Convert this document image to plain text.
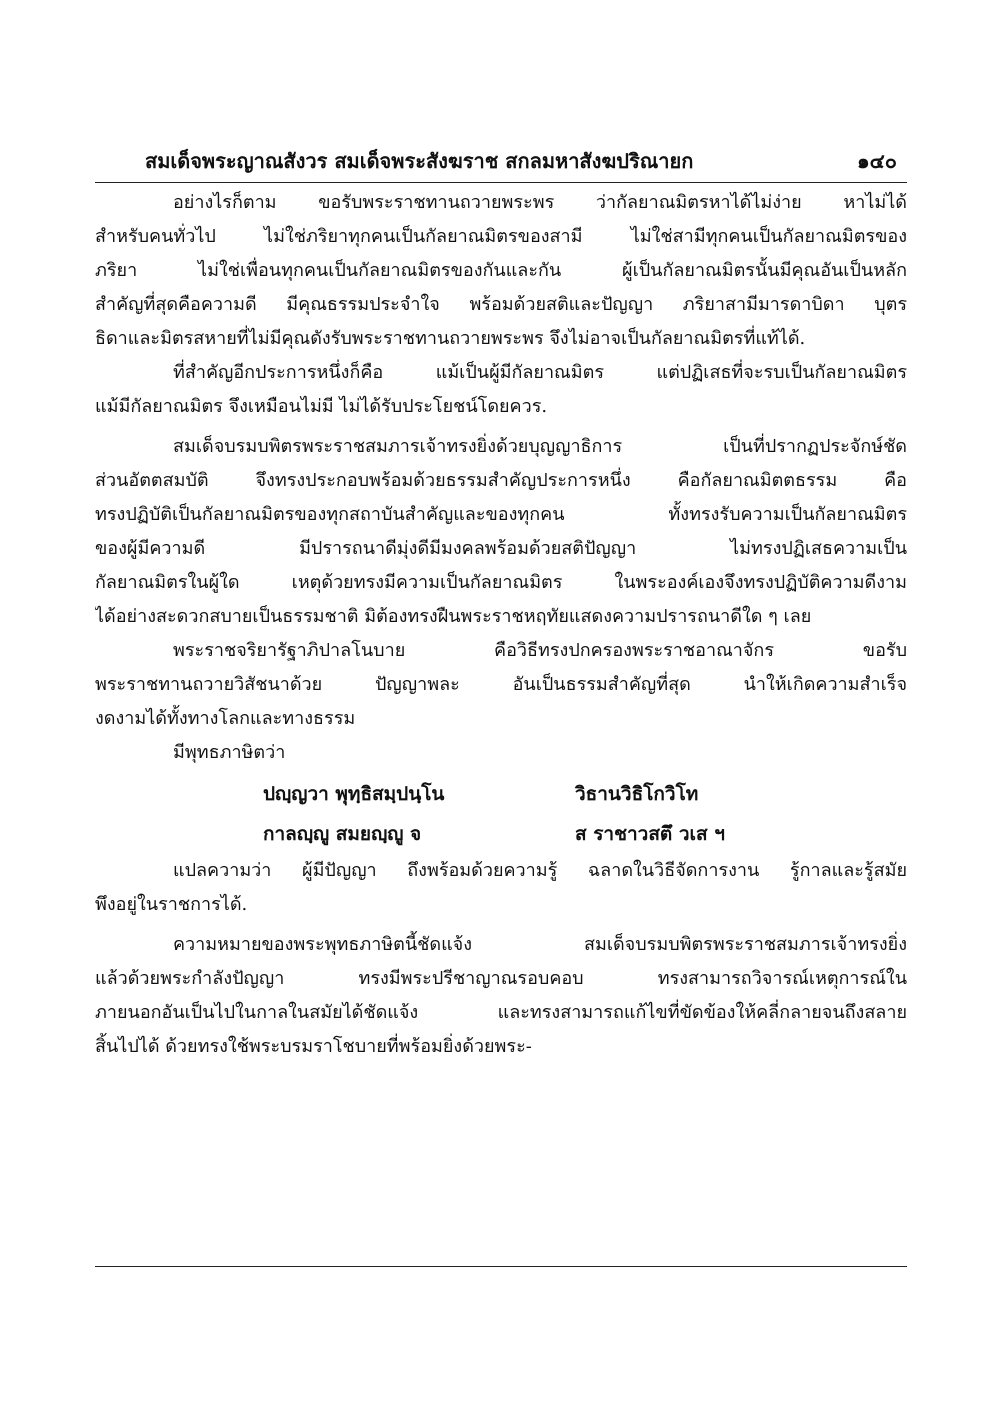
สมเด็จพระญาณสังวร สมเด็จพระสังฆราช สกลมหาสังฆปริณายก	๑๔๐
อย่างไรก็ตาม ขอรับพระราชทานถวายพระพร ว่ากัลยาณมิตรหาได้ไม่ง่าย หาไม่ได้
สำหรับคนทั่วไป ไม่ใช่ภริยาทุกคนเป็นกัลยาณมิตรของสามี ไม่ใช่สามีทุกคนเป็นกัลยาณมิตรของ
ภริยา ไม่ใช่เพื่อนทุกคนเป็นกัลยาณมิตรของกันและกัน ผู้เป็นกัลยาณมิตรนั้นมีคุณอันเป็นหลัก
สำคัญที่สุดคือความดี มีคุณธรรมประจำใจ พร้อมด้วยสติและปัญญา ภริยาสามีมารดาบิดา บุตร
ธิดาและมิตรสหายที่ไม่มีคุณดังรับพระราชทานถวายพระพร จึงไม่อาจเป็นกัลยาณมิตรที่แท้ได้.
ที่สำคัญอีกประการหนึ่งก็คือ แม้เป็นผู้มีกัลยาณมิตร แต่ปฏิเสธที่จะรบเป็นกัลยาณมิตร
แม้มีกัลยาณมิตร จึงเหมือนไม่มี ไม่ได้รับประโยชน์โดยควร.
สมเด็จบรมบพิตรพระราชสมภารเจ้าทรงยิ่งด้วยบุญญาธิการ เป็นที่ปรากฏประจักษ์ชัด
ส่วนอัตตสมบัติ จึงทรงประกอบพร้อมด้วยธรรมสำคัญประการหนึ่ง คือกัลยาณมิตตธรรม คือ
ทรงปฏิบัติเป็นกัลยาณมิตรของทุกสถาบันสำคัญและของทุกคน ทั้งทรงรับความเป็นกัลยาณมิตร
ของผู้มีความดี มีปรารถนาดีมุ่งดีมีมงคลพร้อมด้วยสติปัญญา ไม่ทรงปฏิเสธความเป็น
กัลยาณมิตรในผู้ใด เหตุด้วยทรงมีความเป็นกัลยาณมิตร ในพระองค์เองจึงทรงปฏิบัติความดีงาม
ได้อย่างสะดวกสบายเป็นธรรมชาติ มิต้องทรงฝืนพระราชหฤทัยแสดงความปรารถนาดีใด ๆ เลย
พระราชจริยารัฐาภิปาลโนบาย คือวิธีทรงปกครองพระราชอาณาจักร ขอรับ
พระราชทานถวายวิสัชนาด้วย ปัญญาพละ อันเป็นธรรมสำคัญที่สุด นำให้เกิดความสำเร็จ
งดงามได้ทั้งทางโลกและทางธรรม
มีพุทธภาษิตว่า
ปญฺญวา พุทฺธิสมฺปนฺโน	วิธานวิธิโกวิโท
กาลญฺญู สมยญฺญู จ	ส ราชาวสตึ วเส ฯ
แปลความว่า ผู้มีปัญญา ถึงพร้อมด้วยความรู้ ฉลาดในวิธีจัดการงาน รู้กาลและรู้สมัย
พึงอยู่ในราชการได้.
ความหมายของพระพุทธภาษิตนี้ชัดแจ้ง สมเด็จบรมบพิตรพระราชสมภารเจ้าทรงยิ่ง
แล้วด้วยพระกำลังปัญญา ทรงมีพระปรีชาญาณรอบคอบ ทรงสามารถวิจารณ์เหตุการณ์ใน
ภายนอกอันเป็นไปในกาลในสมัยได้ชัดแจ้ง และทรงสามารถแก้ไขที่ขัดข้องให้คลี่กลายจนถึงสลาย
สิ้นไปได้ ด้วยทรงใช้พระบรมราโชบายที่พร้อมยิ่งด้วยพระ-
